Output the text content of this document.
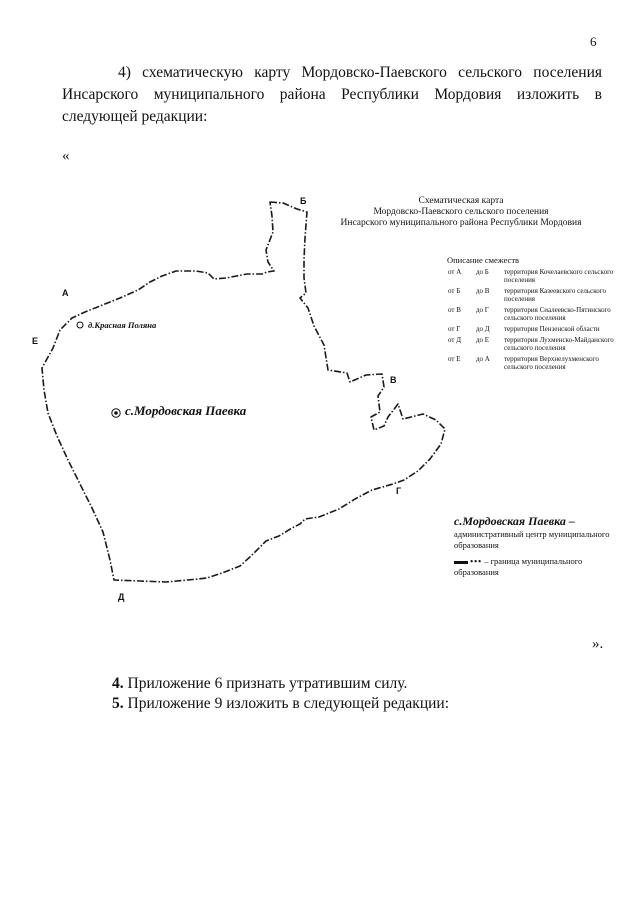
6
4) схематическую карту Мордовско-Паевского сельского поселения
Инсарского муниципального района Республики Мордовия изложить в
следующей редакции:
«
Б
А
Е
В
Г
Д
д.Красная Поляна
с.Мордовская Паевка
Схематическая карта
Мордовско-Паевского сельского поселения
Инсарского муниципального района Республики Мордовия
Описание смежеств
от А	до Б	территория Кочелаевского сельского поселения
от Б	до В	территория Казеевского сельского поселения
от В	до Г	территория Сиалеевско-Пятинского сельского поселения
от Г	до Д	территория Пензенской области
от Д	до Е	территория Лухменско-Майданского сельского поселения
от Е	до А	территория Верхнелухменского сельского поселения
с.Мордовская Паевка –
административный центр муниципального образования
••• – граница муниципального образования
».
4. Приложение 6 признать утратившим силу.
5. Приложение 9 изложить в следующей редакции:
